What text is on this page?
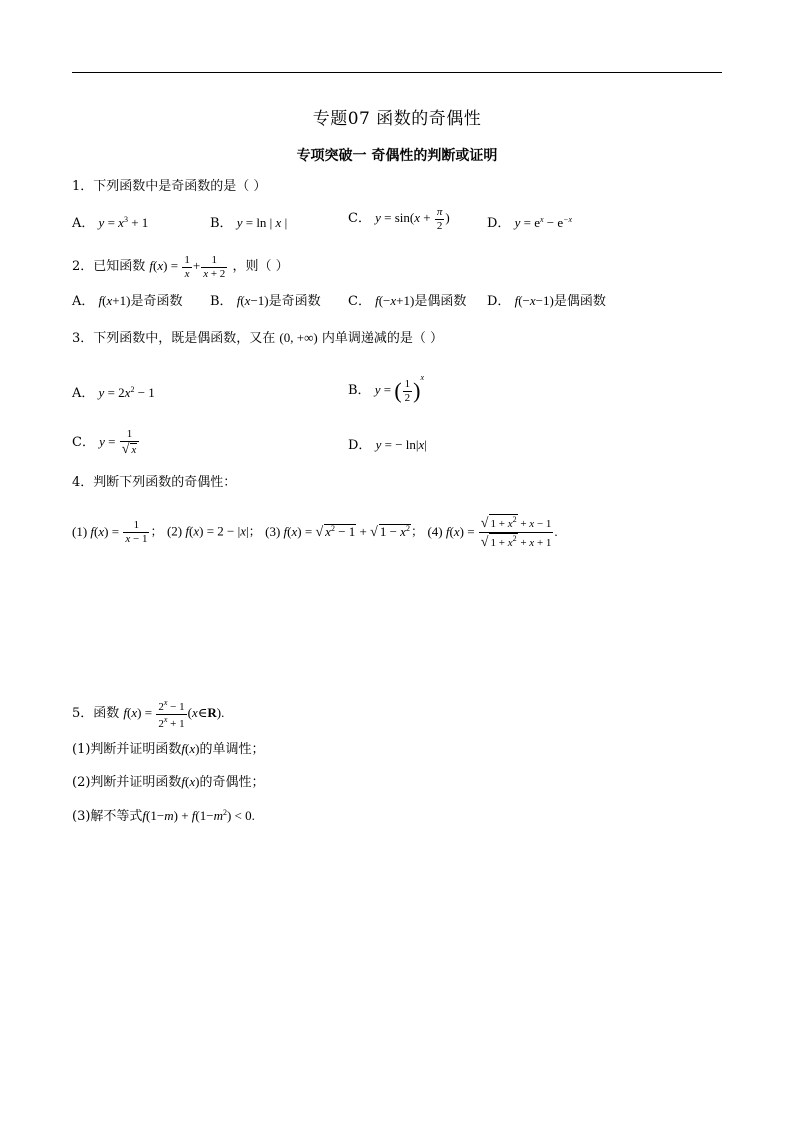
专题07 函数的奇偶性
专项突破一 奇偶性的判断或证明
1．下列函数中是奇函数的是（ ）
A． $y = x^3 + 1$	B． y = ln | x |	C． $y = \sin(x + \frac{\pi}{2}$ )	D． $y = e^x - e^{-x}$
2．已知函数 $f(x) = \frac{1}{x} + \frac{1}{x + 2}$ ，则（ ）
A． f(x+1)是奇函数 B． f(x−1)是奇函数 C． f(−x+1)是偶函数 D． f(−x−1)是偶函数
3．下列函数中，既是偶函数，又在 (0, +∞) 内单调递减的是（ ）
A． $y = 2x^2 - 1$	B． y = ( $\frac{1}{2} )^x$
C． $y = \frac{1}{√ x}$	D． y = − ln|x|
4．判断下列函数的奇偶性：
(1) $f(x) = \frac{1}{x - 1}$ ； (2) f(x) = 2 − |x|； (3) f(x) = √ $x^2 - 1$ + √ $1 - x^2$； (4) $f(x) = \frac{√ 1 + x^2 + x - 1}{√ 1 + x^2 + x + 1}$ .
5．函数 $f(x) = \frac{2^x - 1}{2^x + 1}$ (x∈R).
(1)判断并证明函数f(x)的单调性；
(2)判断并证明函数f(x)的奇偶性；
(3)解不等式$f(1-m) + f(1-m^2) < 0$.
